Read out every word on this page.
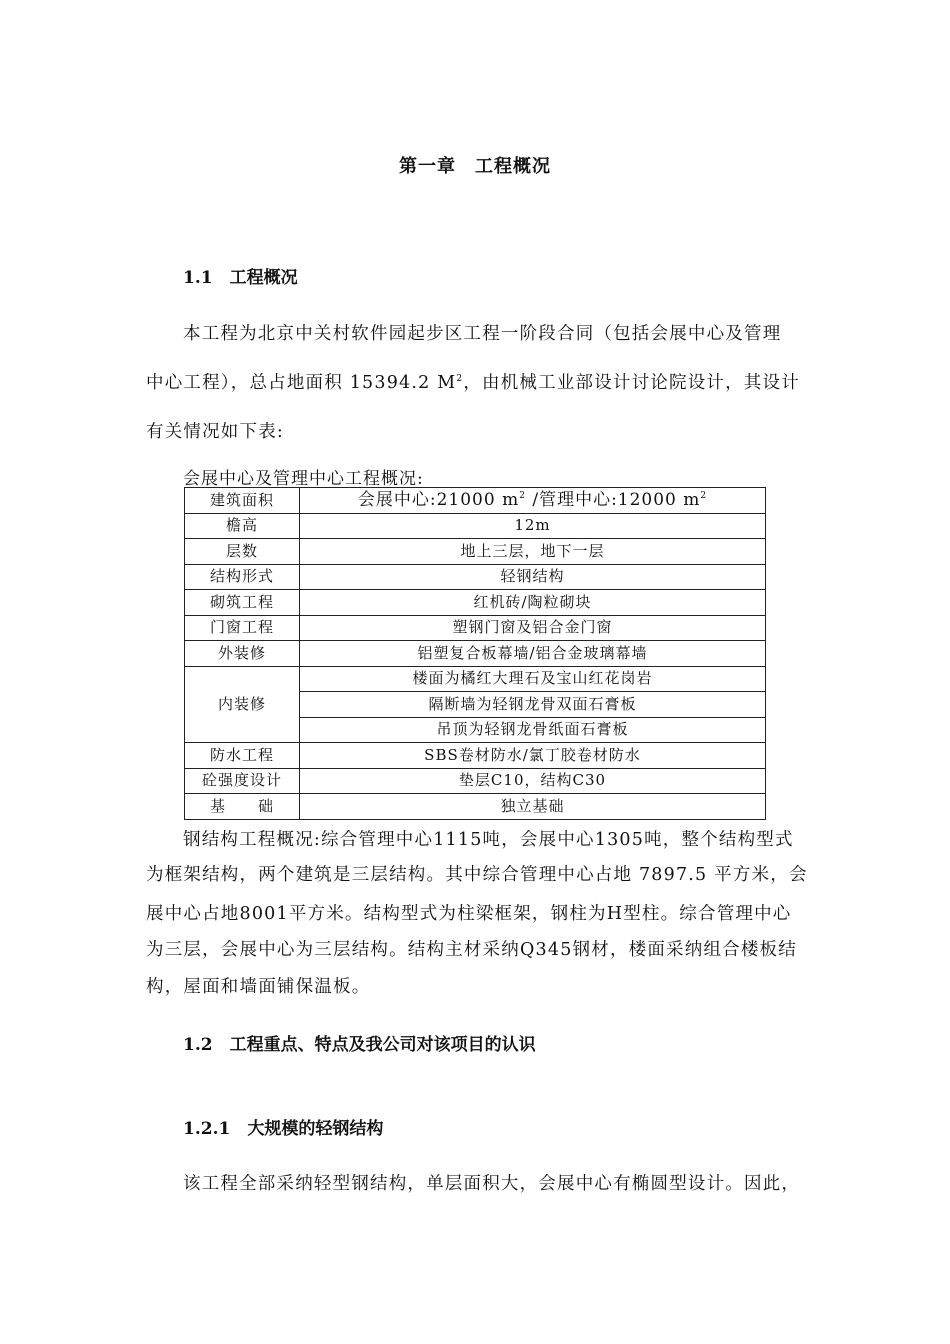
第一章　工程概况
1.1　工程概况
本工程为北京中关村软件园起步区工程一阶段合同（包括会展中心及管理
中心工程），总占地面积 15394.2 $M^2$，由机械工业部设计讨论院设计，其设计
有关情况如下表:
会展中心及管理中心工程概况:
建筑面积	会展中心:21000 $m^2$ /管理中心:12000 $m^2$
檐高	12m
层数	地上三层，地下一层
结构形式	轻钢结构
砌筑工程	红机砖/陶粒砌块
门窗工程	塑钢门窗及铝合金门窗
外装修	铝塑复合板幕墙/铝合金玻璃幕墙
内装修	楼面为橘红大理石及宝山红花岗岩
	隔断墙为轻钢龙骨双面石膏板
	吊顶为轻钢龙骨纸面石膏板
防水工程	SBS卷材防水/氯丁胶卷材防水
砼强度设计	垫层C10，结构C30
基　　础	独立基础
钢结构工程概况:综合管理中心1115吨，会展中心1305吨，整个结构型式
为框架结构，两个建筑是三层结构。其中综合管理中心占地 7897.5 平方米，会
展中心占地8001平方米。结构型式为柱梁框架，钢柱为H型柱。综合管理中心
为三层，会展中心为三层结构。结构主材采纳Q345钢材，楼面采纳组合楼板结
构，屋面和墙面铺保温板。
1.2　工程重点、特点及我公司对该项目的认识
1.2.1　大规模的轻钢结构
该工程全部采纳轻型钢结构，单层面积大，会展中心有椭圆型设计。因此，
